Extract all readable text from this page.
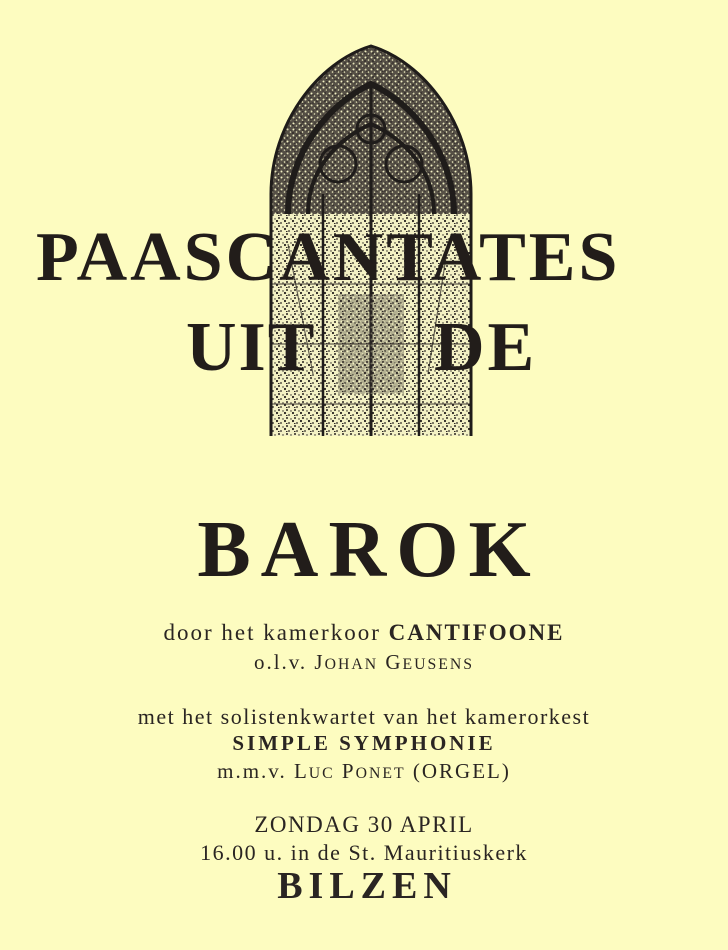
PAASCANTATES
UIT DE
BAROK
door het kamerkoor CANTIFOONE
o.l.v. JOHAN GEUSENS
met het solistenkwartet van het kamerorkest
SIMPLE SYMPHONIE
m.m.v. LUC PONET (ORGEL)
ZONDAG 30 APRIL
16.00 u. in de St. Mauritiuskerk
BILZEN
